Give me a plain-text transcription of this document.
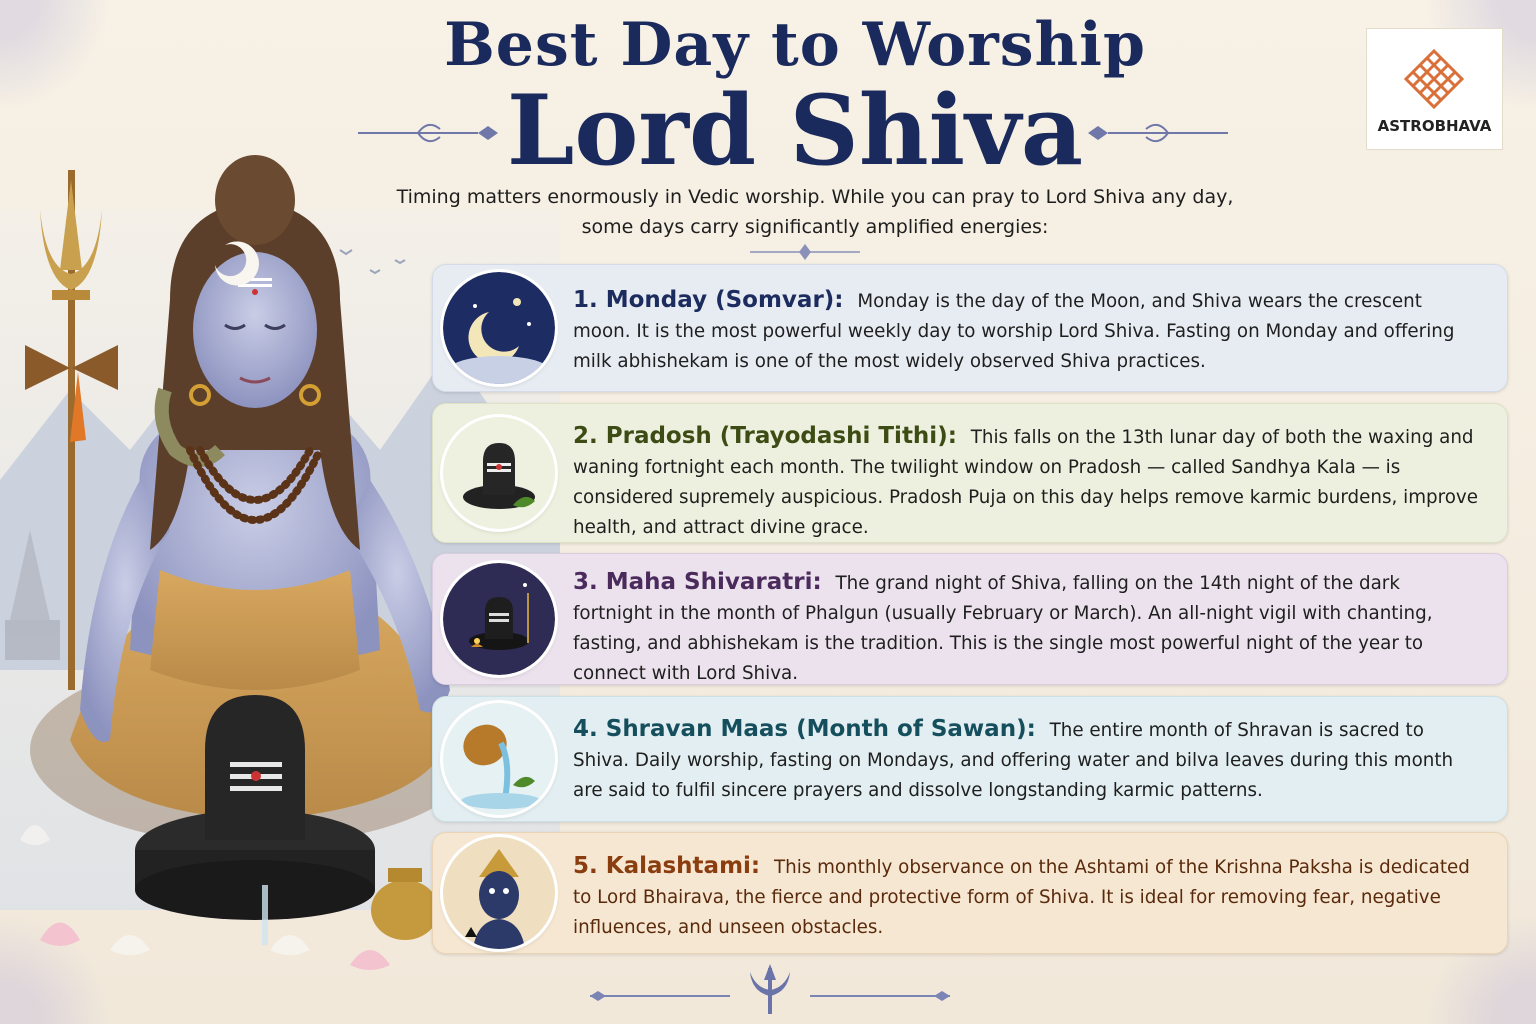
Best Day to Worship
Lord Shiva
Timing matters enormously in Vedic worship. While you can pray to Lord Shiva any day,
some days carry significantly amplified energies:
ASTROBHAVA
1. Monday (Somvar): Monday is the day of the Moon, and Shiva wears the crescent moon. It is the most powerful weekly day to worship Lord Shiva. Fasting on Monday and offering milk abhishekam is one of the most widely observed Shiva practices.
2. Pradosh (Trayodashi Tithi): This falls on the 13th lunar day of both the waxing and waning fortnight each month. The twilight window on Pradosh — called Sandhya Kala — is considered supremely auspicious. Pradosh Puja on this day helps remove karmic burdens, improve health, and attract divine grace.
3. Maha Shivaratri: The grand night of Shiva, falling on the 14th night of the dark fortnight in the month of Phalgun (usually February or March). An all-night vigil with chanting, fasting, and abhishekam is the tradition. This is the single most powerful night of the year to connect with Lord Shiva.
4. Shravan Maas (Month of Sawan): The entire month of Shravan is sacred to Shiva. Daily worship, fasting on Mondays, and offering water and bilva leaves during this month are said to fulfil sincere prayers and dissolve longstanding karmic patterns.
5. Kalashtami: This monthly observance on the Ashtami of the Krishna Paksha is dedicated to Lord Bhairava, the fierce and protective form of Shiva. It is ideal for removing fear, negative influences, and unseen obstacles.
